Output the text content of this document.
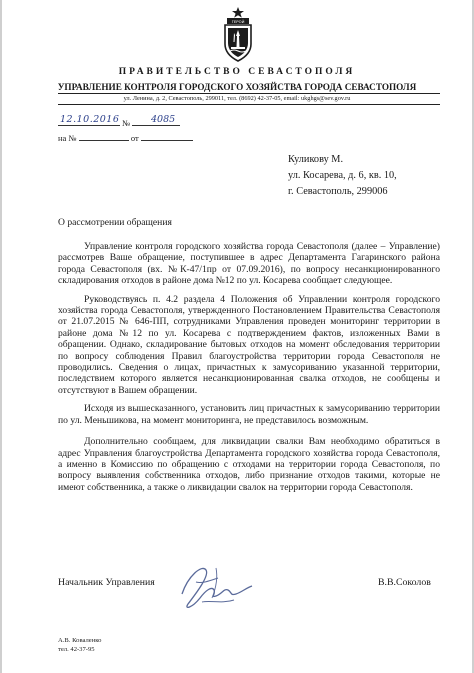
ГЕРОЙ
ПРАВИТЕЛЬСТВО СЕВАСТОПОЛЯ
УПРАВЛЕНИЕ КОНТРОЛЯ ГОРОДСКОГО ХОЗЯЙСТВА ГОРОДА СЕВАСТОПОЛЯ
ул. Ленина, д. 2, Севастополь, 299011, тел. (8692) 42-37-05, email: ukghgs@sev.gov.ru
№
12.10.2016	4085
на №	от
Куликову М.
ул. Косарева, д. 6, кв. 10,
г. Севастополь, 299006
О рассмотрении обращения

Управление контроля городского хозяйства города Севастополя (далее – Управление) рассмотрев Ваше обращение, поступившее в адрес Департамента Гагаринского района города Севастополя (вх. №К-47/1пр от 07.09.2016), по вопросу несанкционированного складирования отходов в районе дома №12 по ул. Косарева сообщает следующее.

Руководствуясь п. 4.2 раздела 4 Положения об Управлении контроля городского хозяйства города Севастополя, утвержденного Постановлением Правительства Севастополя от 21.07.2015 № 646-ПП, сотрудниками Управления проведен мониторинг территории в районе дома №12 по ул. Косарева с подтверждением фактов, изложенных Вами в обращении. Однако, складирование бытовых отходов на момент обследования территории по вопросу соблюдения Правил благоустройства территории города Севастополя не проводились. Сведения о лицах, причастных к замусориванию указанной территории, последствием которого является несанкционированная свалка отходов, не сообщены и отсутствуют в Вашем обращении.

Исходя из вышесказанного, установить лиц причастных к замусориванию территории по ул. Меньшикова, на момент мониторинга, не представилось возможным.

Дополнительно сообщаем, для ликвидации свалки Вам необходимо обратиться в адрес Управления благоустройства Департамента городского хозяйства города Севастополя, а именно в Комиссию по обращению с отходами на территории города Севастополя, по вопросу выявления собственника отходов, либо признание отходов такими, которые не имеют собственника, а также о ликвидации свалок на территории города Севастополя.

Начальник Управления	В.В.Соколов
А.В. Коваленко
тел. 42-37-95
